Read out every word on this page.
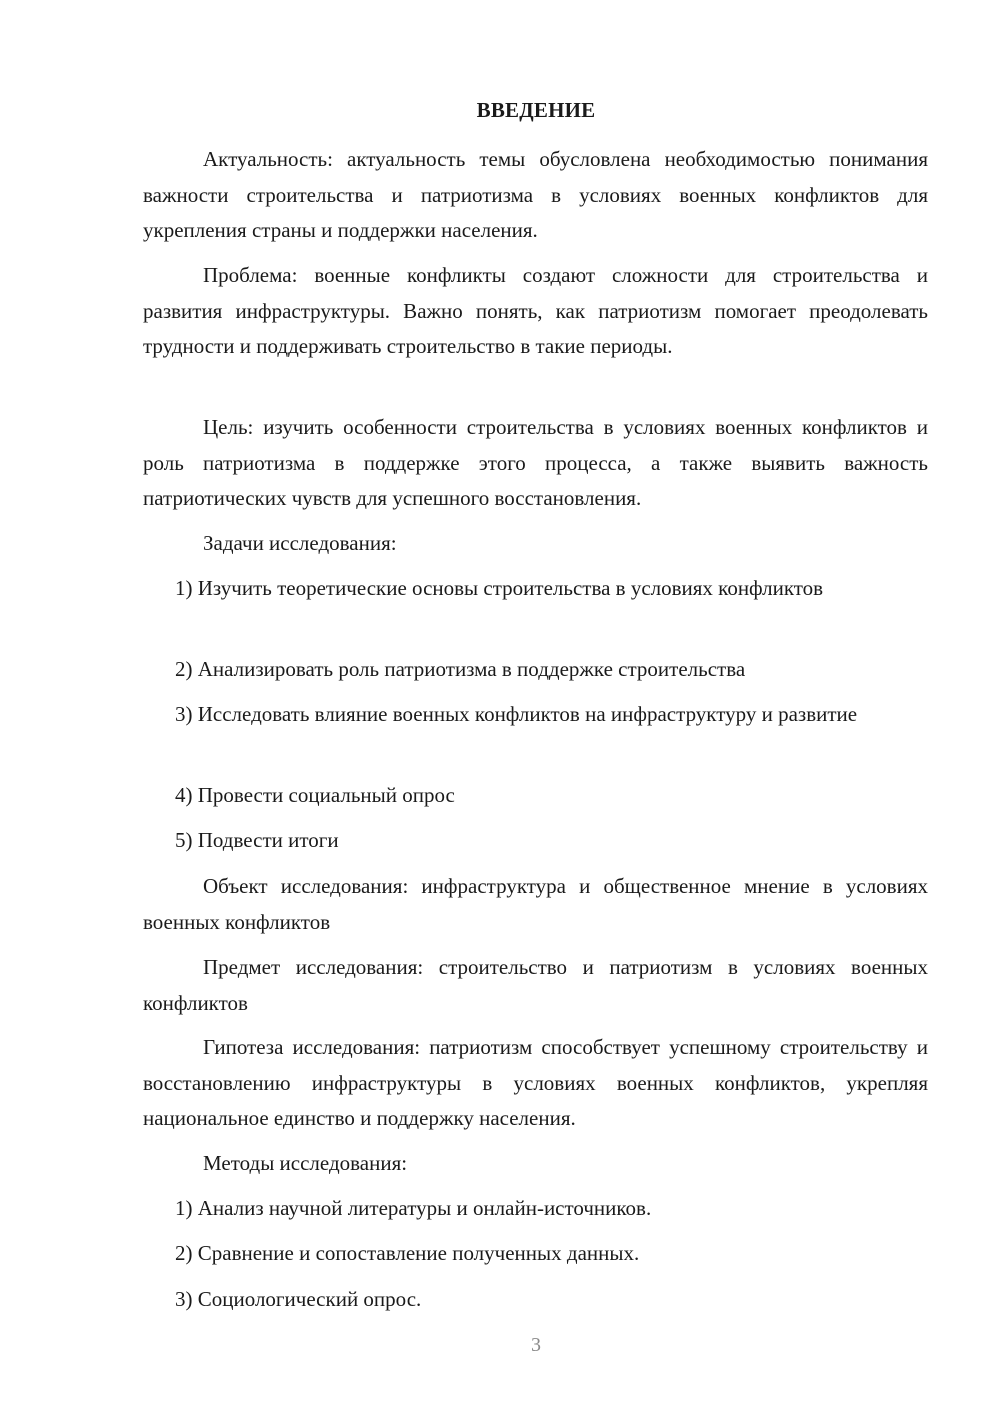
ВВЕДЕНИЕ

Актуальность: актуальность темы обусловлена необходимостью понимания важности строительства и патриотизма в условиях военных конфликтов для укрепления страны и поддержки населения.

Проблема: военные конфликты создают сложности для строительства и развития инфраструктуры. Важно понять, как патриотизм помогает преодолевать трудности и поддерживать строительство в такие периоды.

Цель: изучить особенности строительства в условиях военных конфликтов и роль патриотизма в поддержке этого процесса, а также выявить важность патриотических чувств для успешного восстановления.

Задачи исследования:

1) Изучить теоретические основы строительства в условиях конфликтов

2) Анализировать роль патриотизма в поддержке строительства

3) Исследовать влияние военных конфликтов на инфраструктуру и развитие

4) Провести социальный опрос

5) Подвести итоги

Объект исследования: инфраструктура и общественное мнение в условиях военных конфликтов

Предмет исследования: строительство и патриотизм в условиях военных конфликтов

Гипотеза исследования: патриотизм способствует успешному строительству и восстановлению инфраструктуры в условиях военных конфликтов, укрепляя национальное единство и поддержку населения.

Методы исследования:

1) Анализ научной литературы и онлайн-источников.

2) Сравнение и сопоставление полученных данных.

3) Социологический опрос.

3
